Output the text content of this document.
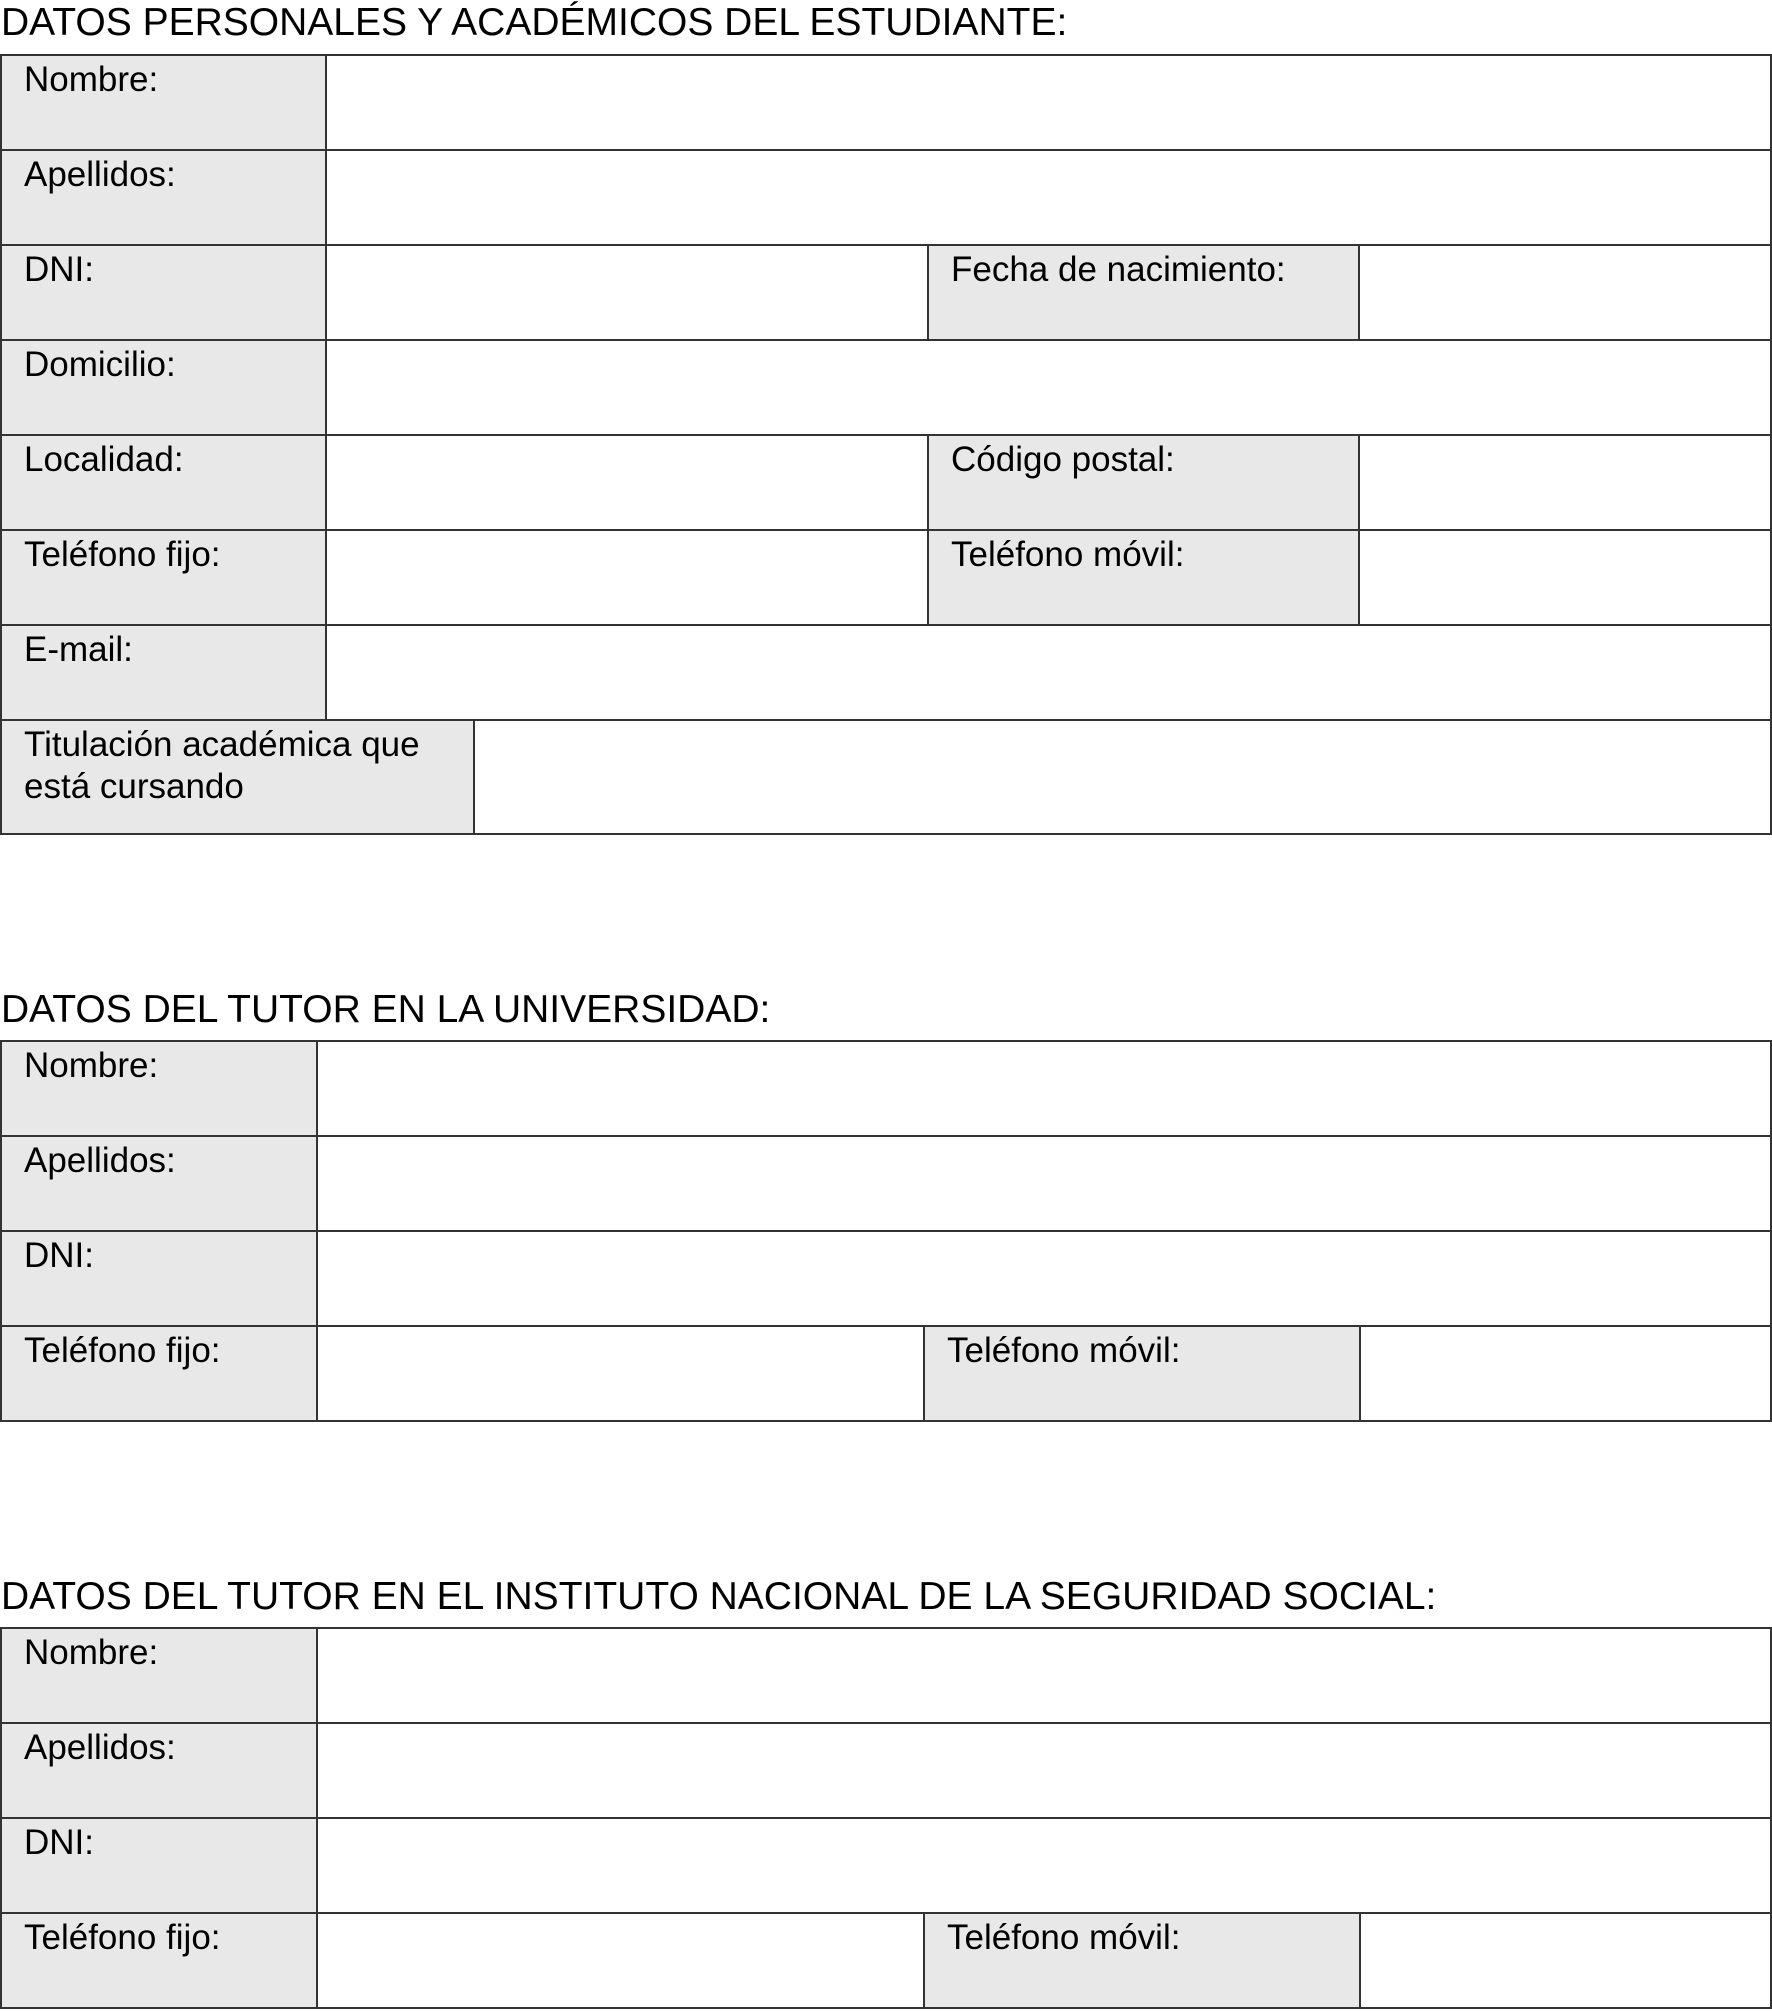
DATOS PERSONALES Y ACADÉMICOS DEL ESTUDIANTE:
Nombre:
Apellidos:
DNI:	Fecha de nacimiento:
Domicilio:
Localidad:	Código postal:
Teléfono fijo:	Teléfono móvil:
E-mail:
Titulación académica que está cursando
DATOS DEL TUTOR EN LA UNIVERSIDAD:
Nombre:
Apellidos:
DNI:
Teléfono fijo:	Teléfono móvil:
DATOS DEL TUTOR EN EL INSTITUTO NACIONAL DE LA SEGURIDAD SOCIAL:
Nombre:
Apellidos:
DNI:
Teléfono fijo:	Teléfono móvil:
